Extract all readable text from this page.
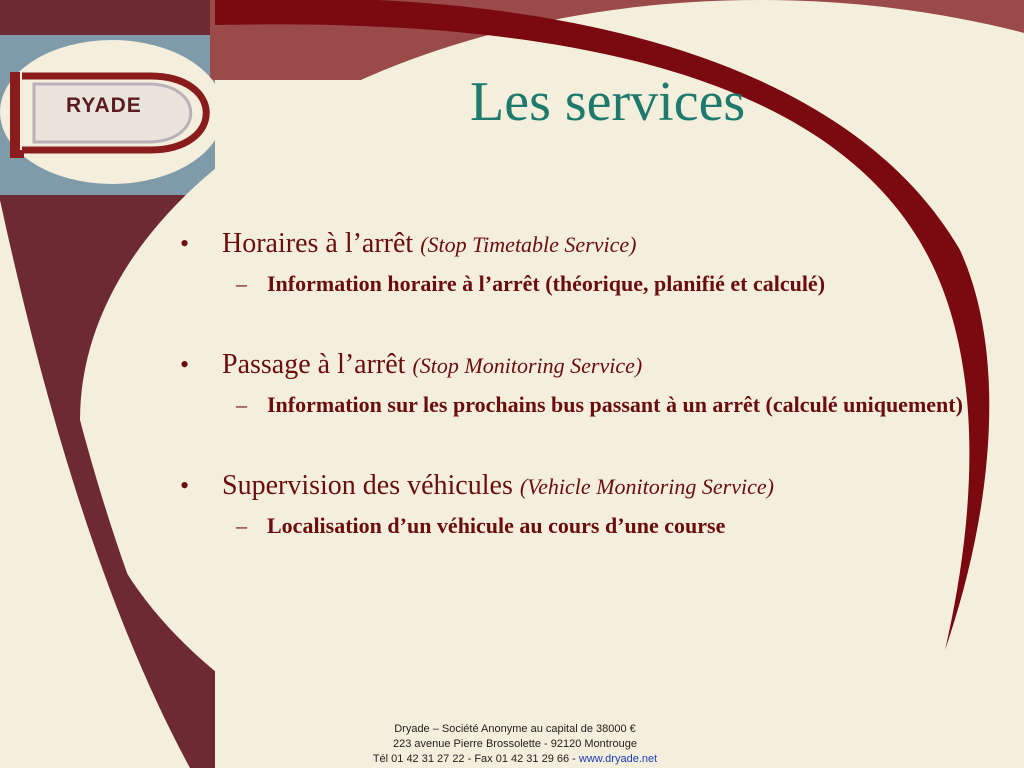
RYADE	Les services
• Horaires à l’arrêt (Stop Timetable Service)
– Information horaire à l’arrêt (théorique, planifié et calculé)
• Passage à l’arrêt (Stop Monitoring Service)
– Information sur les prochains bus passant à un arrêt (calculé uniquement)
• Supervision des véhicules (Vehicle Monitoring Service)
– Localisation d’un véhicule au cours d’une course
Dryade – Société Anonyme au capital de 38000 €
223 avenue Pierre Brossolette - 92120 Montrouge
Tél 01 42 31 27 22 - Fax 01 42 31 29 66 - www.dryade.net
